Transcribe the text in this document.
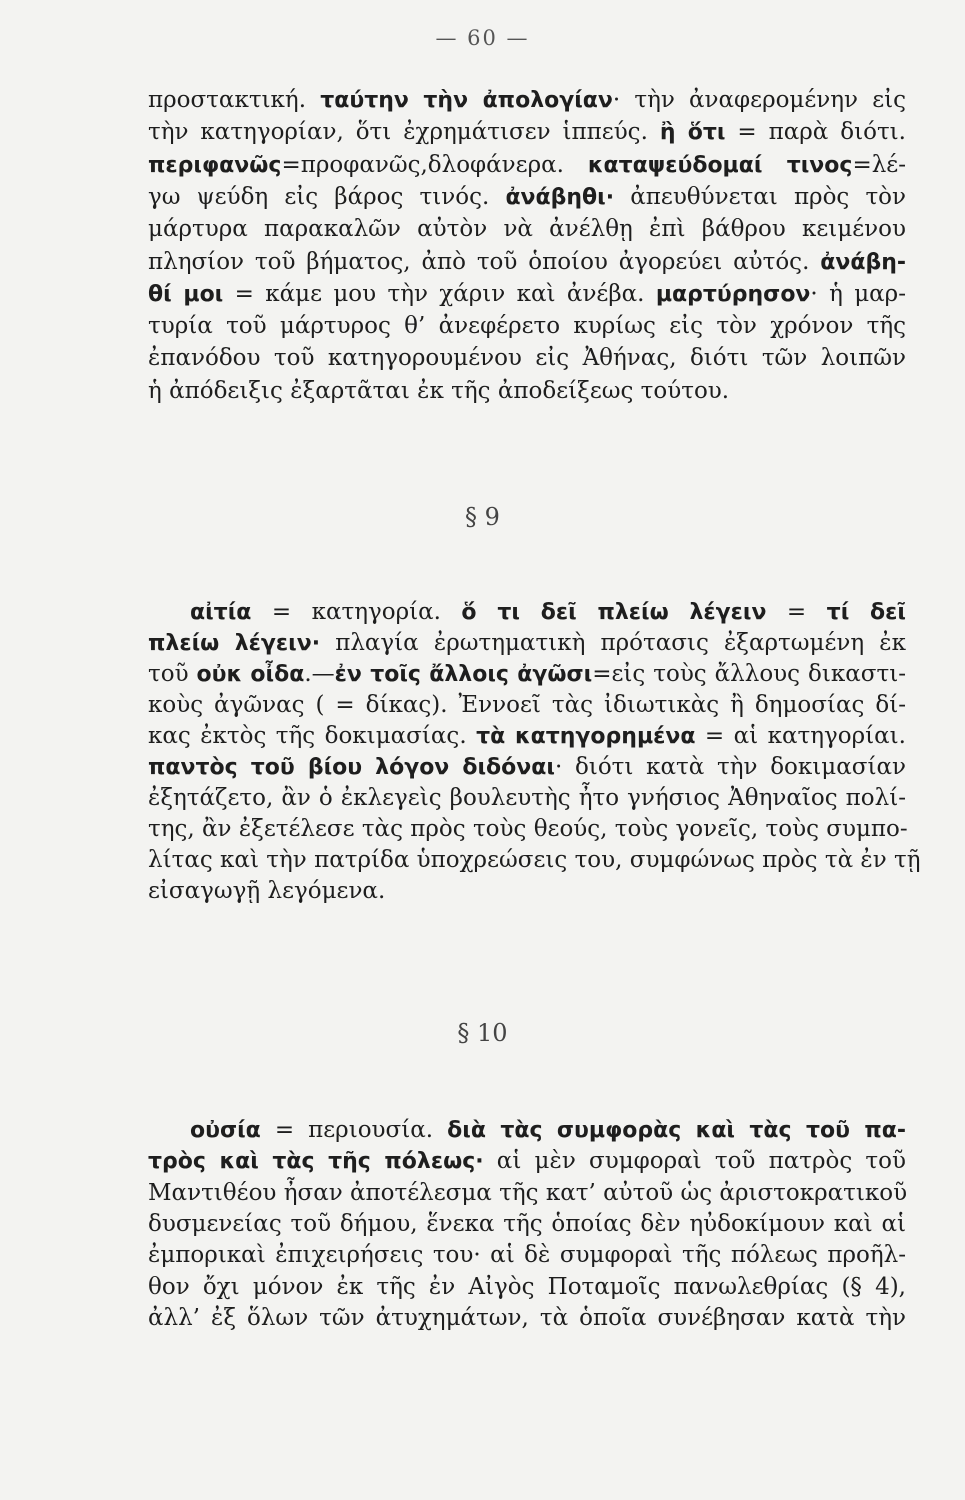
— 60 —
προστακτική. ταύτην τὴν ἀπολογίαν· τὴν ἀναφερομένην εἰς
τὴν κατηγορίαν, ὅτι ἐχρημάτισεν ἱππεύς. ἢ ὅτι = παρὰ διότι.
περιφανῶς=προφανῶς,δλοφάνερα. καταψεύδομαί τινος=λέ-
γω ψεύδη εἰς βάρος τινός. ἀνάβηθι· ἀπευθύνεται πρὸς τὸν
μάρτυρα παρακαλῶν αὐτὸν νὰ ἀνέλθῃ ἐπὶ βάθρου κειμένου
πλησίον τοῦ βήματος, ἀπὸ τοῦ ὁποίου ἀγορεύει αὐτός. ἀνάβη-
θί μοι = κάμε μου τὴν χάριν καὶ ἀνέβα. μαρτύρησον· ἡ μαρ-
τυρία τοῦ μάρτυρος θ’ ἀνεφέρετο κυρίως εἰς τὸν χρόνον τῆς
ἐπανόδου τοῦ κατηγορουμένου εἰς Ἀθήνας, διότι τῶν λοιπῶν
ἡ ἀπόδειξις ἐξαρτᾶται ἐκ τῆς ἀποδείξεως τούτου.
§ 9
αἰτία = κατηγορία. ὅ τι δεῖ πλείω λέγειν = τί δεῖ
πλείω λέγειν· πλαγία ἐρωτηματικὴ πρότασις ἐξαρτωμένη ἐκ
τοῦ οὐκ οἶδα.—ἐν τοῖς ἄλλοις ἀγῶσι=εἰς τοὺς ἄλλους δικαστι-
κοὺς ἀγῶνας ( = δίκας). Ἐννοεῖ τὰς ἰδιωτικὰς ἢ δημοσίας δί-
κας ἐκτὸς τῆς δοκιμασίας. τὰ κατηγορημένα = αἱ κατηγορίαι.
παντὸς τοῦ βίου λόγον διδόναι· διότι κατὰ τὴν δοκιμασίαν
ἐξητάζετο, ἂν ὁ ἐκλεγεὶς βουλευτὴς ἦτο γνήσιος Ἀθηναῖος πολί-
της, ἂν ἐξετέλεσε τὰς πρὸς τοὺς θεούς, τοὺς γονεῖς, τοὺς συμπο-
λίτας καὶ τὴν πατρίδα ὑποχρεώσεις του, συμφώνως πρὸς τὰ ἐν τῇ
εἰσαγωγῇ λεγόμενα.
§ 10
οὐσία = περιουσία. διὰ τὰς συμφορὰς καὶ τὰς τοῦ πα-
τρὸς καὶ τὰς τῆς πόλεως· αἱ μὲν συμφοραὶ τοῦ πατρὸς τοῦ
Μαντιθέου ἦσαν ἀποτέλεσμα τῆς κατ’ αὐτοῦ ὡς ἀριστοκρατικοῦ
δυσμενείας τοῦ δήμου, ἕνεκα τῆς ὁποίας δὲν ηὐδοκίμουν καὶ αἱ
ἐμπορικαὶ ἐπιχειρήσεις του· αἱ δὲ συμφοραὶ τῆς πόλεως προῆλ-
θον ὄχι μόνον ἐκ τῆς ἐν Αἰγὸς Ποταμοῖς πανωλεθρίας (§ 4),
ἀλλ’ ἐξ ὅλων τῶν ἀτυχημάτων, τὰ ὁποῖα συνέβησαν κατὰ τὴν
